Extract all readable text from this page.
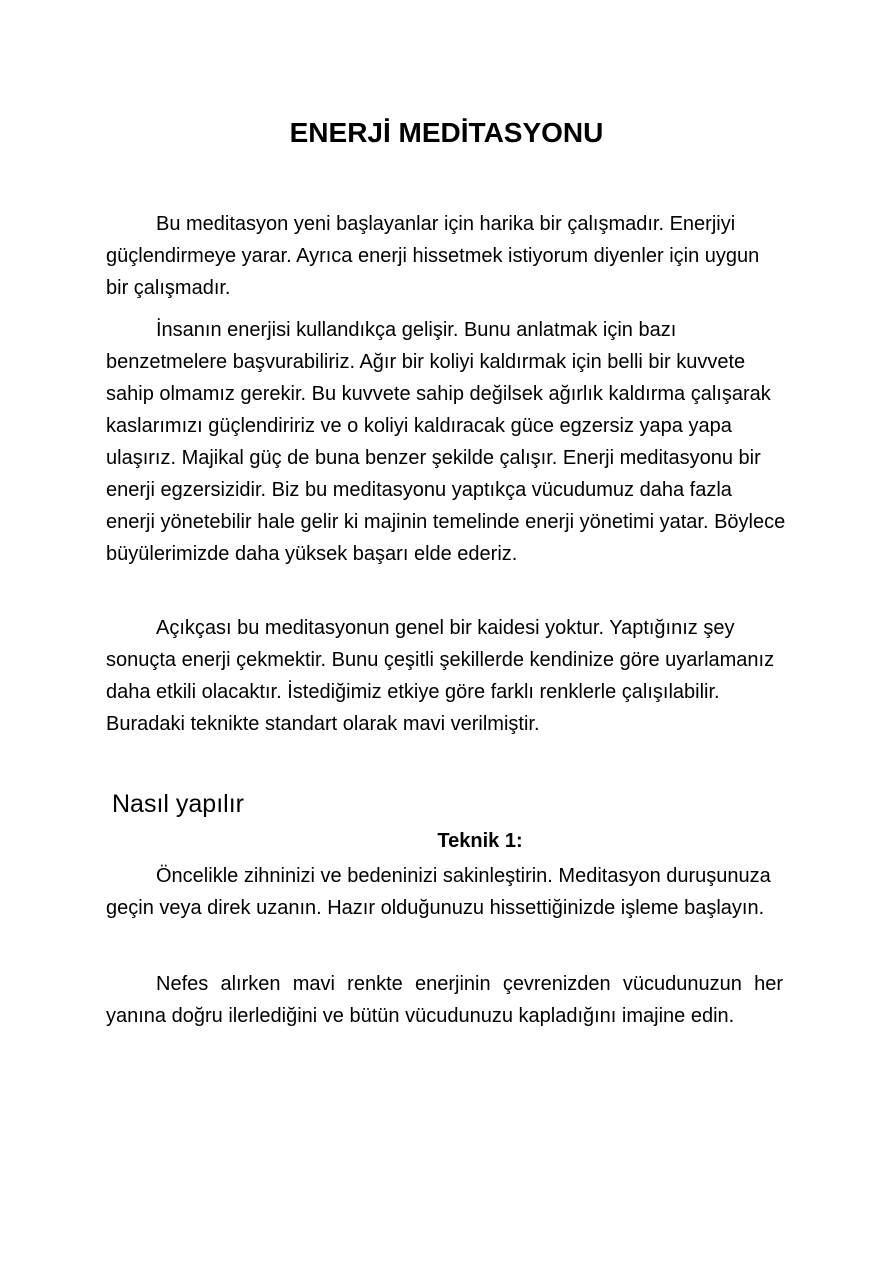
ENERJİ MEDİTASYONU

Bu meditasyon yeni başlayanlar için harika bir çalışmadır. Enerjiyi güçlendirmeye yarar. Ayrıca enerji hissetmek istiyorum diyenler için uygun bir çalışmadır.

İnsanın enerjisi kullandıkça gelişir. Bunu anlatmak için bazı benzetmelere başvurabiliriz. Ağır bir koliyi kaldırmak için belli bir kuvvete sahip olmamız gerekir. Bu kuvvete sahip değilsek ağırlık kaldırma çalışarak kaslarımızı güçlendiririz ve o koliyi kaldıracak güce egzersiz yapa yapa ulaşırız. Majikal güç de buna benzer şekilde çalışır. Enerji meditasyonu bir enerji egzersizidir. Biz bu meditasyonu yaptıkça vücudumuz daha fazla enerji yönetebilir hale gelir ki majinin temelinde enerji yönetimi yatar. Böylece büyülerimizde daha yüksek başarı elde ederiz.

Açıkçası bu meditasyonun genel bir kaidesi yoktur. Yaptığınız şey sonuçta enerji çekmektir. Bunu çeşitli şekillerde kendinize göre uyarlamanız daha etkili olacaktır. İstediğimiz etkiye göre farklı renklerle çalışılabilir. Buradaki teknikte standart olarak mavi verilmiştir.

Nasıl yapılır
Teknik 1:

Öncelikle zihninizi ve bedeninizi sakinleştirin. Meditasyon duruşunuza geçin veya direk uzanın. Hazır olduğunuzu hissettiğinizde işleme başlayın.

Nefes alırken mavi renkte enerjinin çevrenizden vücudunuzun her yanına doğru ilerlediğini ve bütün vücudunuzu kapladığını imajine edin.
